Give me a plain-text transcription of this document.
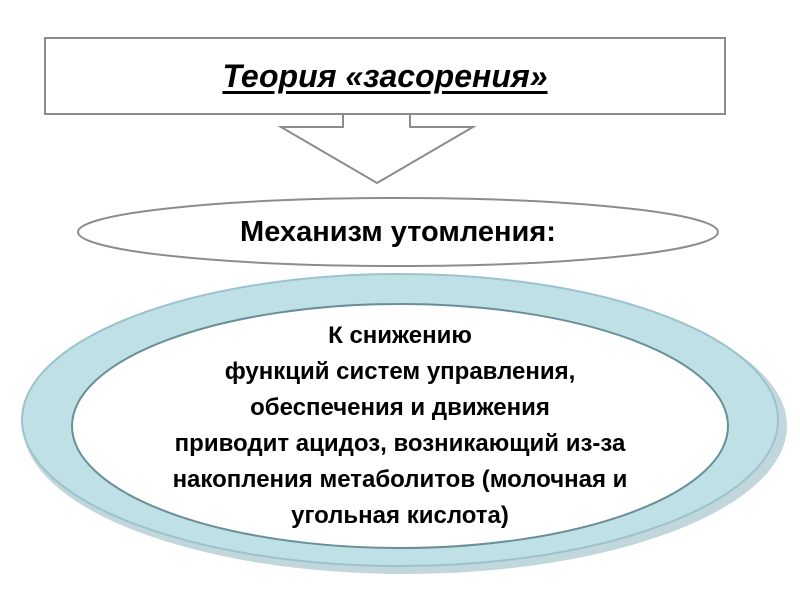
Теория «засорения»
Механизм утомления:
К снижению
функций систем управления,
обеспечения и движения
приводит ацидоз, возникающий из-за
накопления метаболитов (молочная и
угольная кислота)
